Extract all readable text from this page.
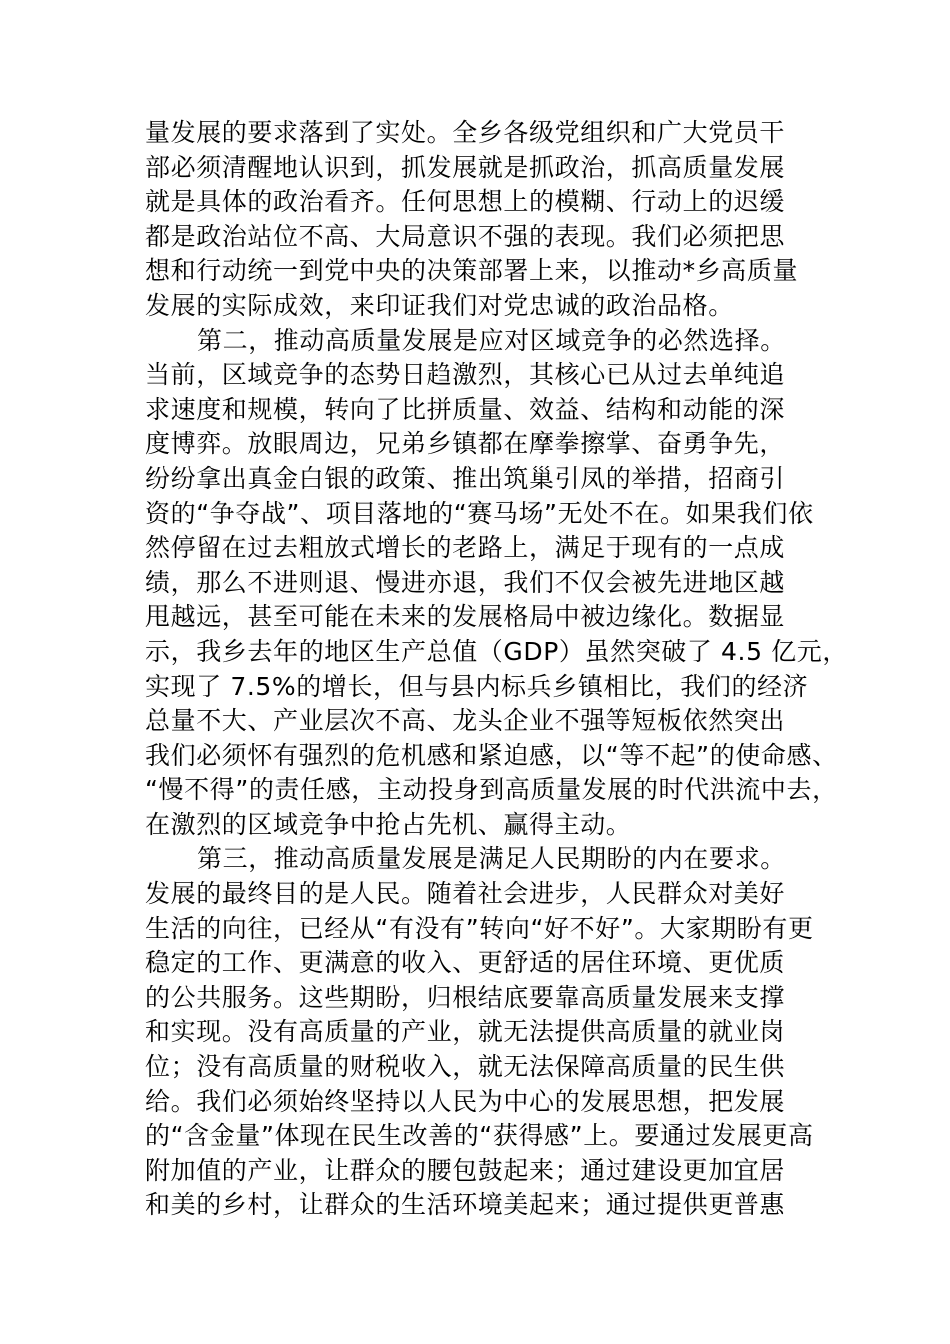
量发展的要求落到了实处。全乡各级党组织和广大党员干
部必须清醒地认识到，抓发展就是抓政治，抓高质量发展
就是具体的政治看齐。任何思想上的模糊、行动上的迟缓
都是政治站位不高、大局意识不强的表现。我们必须把思
想和行动统一到党中央的决策部署上来，以推动*乡高质量
发展的实际成效，来印证我们对党忠诚的政治品格。
第二，推动高质量发展是应对区域竞争的必然选择。
当前，区域竞争的态势日趋激烈，其核心已从过去单纯追
求速度和规模，转向了比拼质量、效益、结构和动能的深
度博弈。放眼周边，兄弟乡镇都在摩拳擦掌、奋勇争先，
纷纷拿出真金白银的政策、推出筑巢引凤的举措，招商引
资的“争夺战”、项目落地的“赛马场”无处不在。如果我们依
然停留在过去粗放式增长的老路上，满足于现有的一点成
绩，那么不进则退、慢进亦退，我们不仅会被先进地区越
甩越远，甚至可能在未来的发展格局中被边缘化。数据显
示，我乡去年的地区生产总值（GDP）虽然突破了 4.5 亿元，
实现了 7.5%的增长，但与县内标兵乡镇相比，我们的经济
总量不大、产业层次不高、龙头企业不强等短板依然突出
我们必须怀有强烈的危机感和紧迫感，以“等不起”的使命感、
“慢不得”的责任感，主动投身到高质量发展的时代洪流中去，
在激烈的区域竞争中抢占先机、赢得主动。
第三，推动高质量发展是满足人民期盼的内在要求。
发展的最终目的是人民。随着社会进步，人民群众对美好
生活的向往，已经从“有没有”转向“好不好”。大家期盼有更
稳定的工作、更满意的收入、更舒适的居住环境、更优质
的公共服务。这些期盼，归根结底要靠高质量发展来支撑
和实现。没有高质量的产业，就无法提供高质量的就业岗
位；没有高质量的财税收入，就无法保障高质量的民生供
给。我们必须始终坚持以人民为中心的发展思想，把发展
的“含金量”体现在民生改善的“获得感”上。要通过发展更高
附加值的产业，让群众的腰包鼓起来；通过建设更加宜居
和美的乡村，让群众的生活环境美起来；通过提供更普惠
